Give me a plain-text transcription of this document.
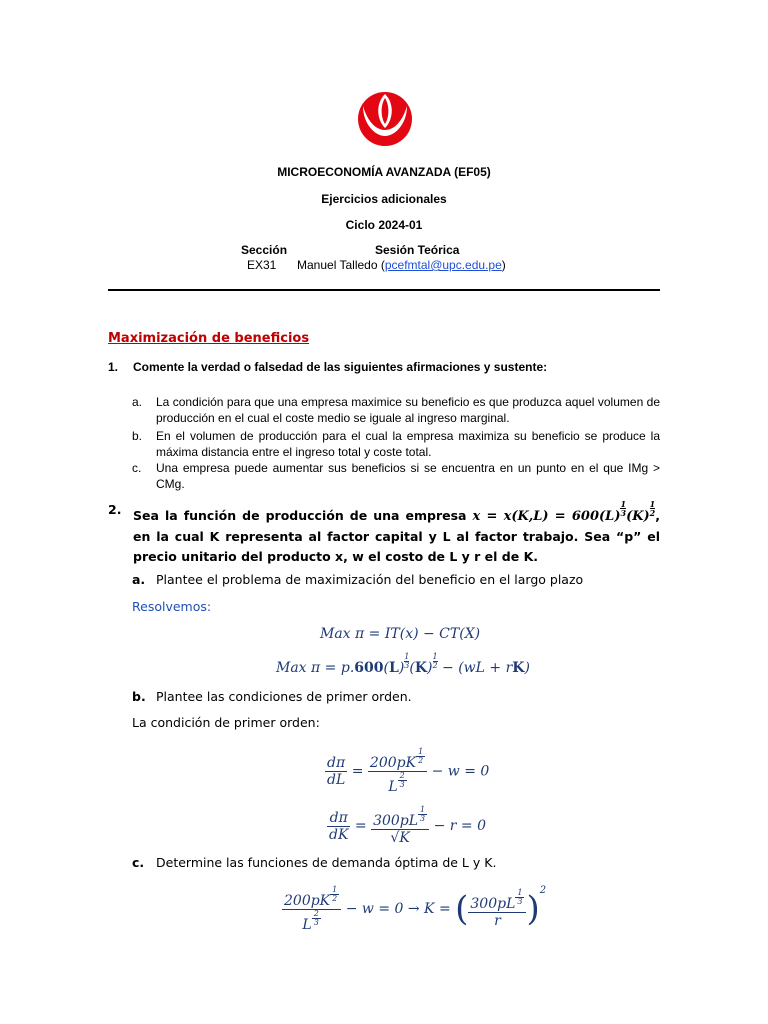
MICROECONOMÍA AVANZADA (EF05)
Ejercicios adicionales
Ciclo 2024-01
Sección	Sesión Teórica
EX31 Manuel Talledo (pcefmtal@upc.edu.pe)
Maximización de beneficios
1. Comente la verdad o falsedad de las siguientes afirmaciones y sustente:
a. La condición para que una empresa maximice su beneficio es que produzca aquel volumen de producción en el cual el coste medio se iguale al ingreso marginal.
b. En el volumen de producción para el cual la empresa maximiza su beneficio se produce la máxima distancia entre el ingreso total y coste total.
c. Una empresa puede aumentar sus beneficios si se encuentra en un punto en el que IMg > CMg.
2. Sea la función de producción de una empresa $x = x(K,L) = 600(L) \frac{1}{3} (K) \frac{1}{2}$ , en la cual K representa al factor capital y L al factor trabajo. Sea “p” el precio unitario del producto x, w el costo de L y r el de K.
a. Plantee el problema de maximización del beneficio en el largo plazo
Resolvemos:
Max π = IT(x) − CT(X)
Max $\pi = p.600(L) \frac{1}{3} (K) \frac{1}{2} - (wL + rK)$
b. Plantee las condiciones de primer orden.
La condición de primer orden:
$\frac{d\pi}{dL} = \frac{200pK \frac{1}{2}}{L \frac{2}{3}} - w = 0$
$\frac{d\pi}{dK} = \frac{300pL \frac{1}{3}}{√K} - r = 0$
c. Determine las funciones de demanda óptima de L y K.
$\frac{200pK \frac{1}{2}}{L \frac{2}{3}} - w = 0 \to K$ = ( $\frac{300pL \frac{1}{3}}{r} )^2$
